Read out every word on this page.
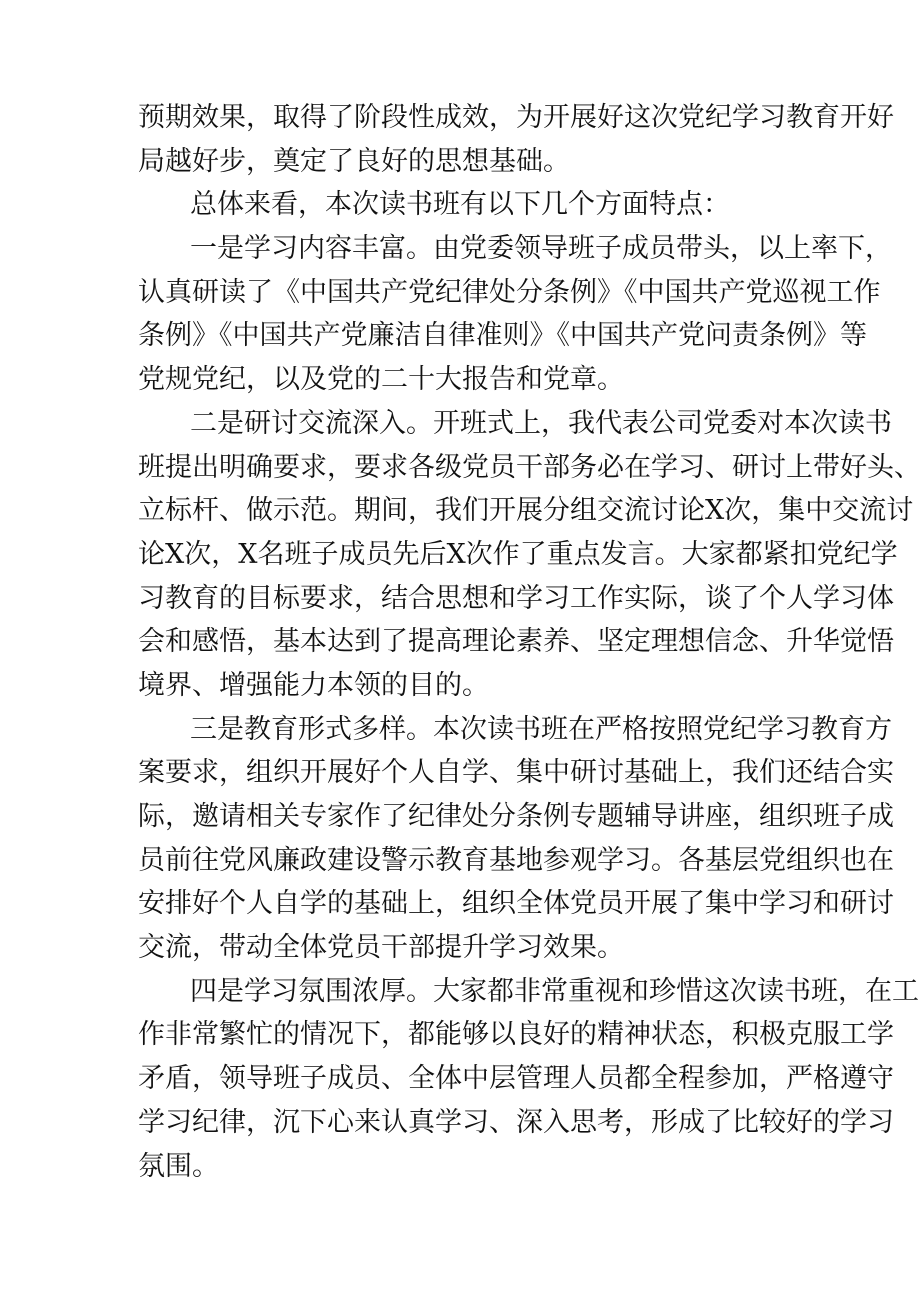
预期效果，取得了阶段性成效，为开展好这次党纪学习教育开好
局越好步，奠定了良好的思想基础。
总体来看，本次读书班有以下几个方面特点：
一是学习内容丰富。由党委领导班子成员带头，以上率下，
认真研读了《中国共产党纪律处分条例》《中国共产党巡视工作
条例》《中国共产党廉洁自律准则》《中国共产党问责条例》等
党规党纪，以及党的二十大报告和党章。
二是研讨交流深入。开班式上，我代表公司党委对本次读书
班提出明确要求，要求各级党员干部务必在学习、研讨上带好头、
立标杆、做示范。期间，我们开展分组交流讨论X次，集中交流讨
论X次，X名班子成员先后X次作了重点发言。大家都紧扣党纪学
习教育的目标要求，结合思想和学习工作实际，谈了个人学习体
会和感悟，基本达到了提高理论素养、坚定理想信念、升华觉悟
境界、增强能力本领的目的。
三是教育形式多样。本次读书班在严格按照党纪学习教育方
案要求，组织开展好个人自学、集中研讨基础上，我们还结合实
际，邀请相关专家作了纪律处分条例专题辅导讲座，组织班子成
员前往党风廉政建设警示教育基地参观学习。各基层党组织也在
安排好个人自学的基础上，组织全体党员开展了集中学习和研讨
交流，带动全体党员干部提升学习效果。
四是学习氛围浓厚。大家都非常重视和珍惜这次读书班，在工
作非常繁忙的情况下，都能够以良好的精神状态，积极克服工学
矛盾，领导班子成员、全体中层管理人员都全程参加，严格遵守
学习纪律，沉下心来认真学习、深入思考，形成了比较好的学习
氛围。
